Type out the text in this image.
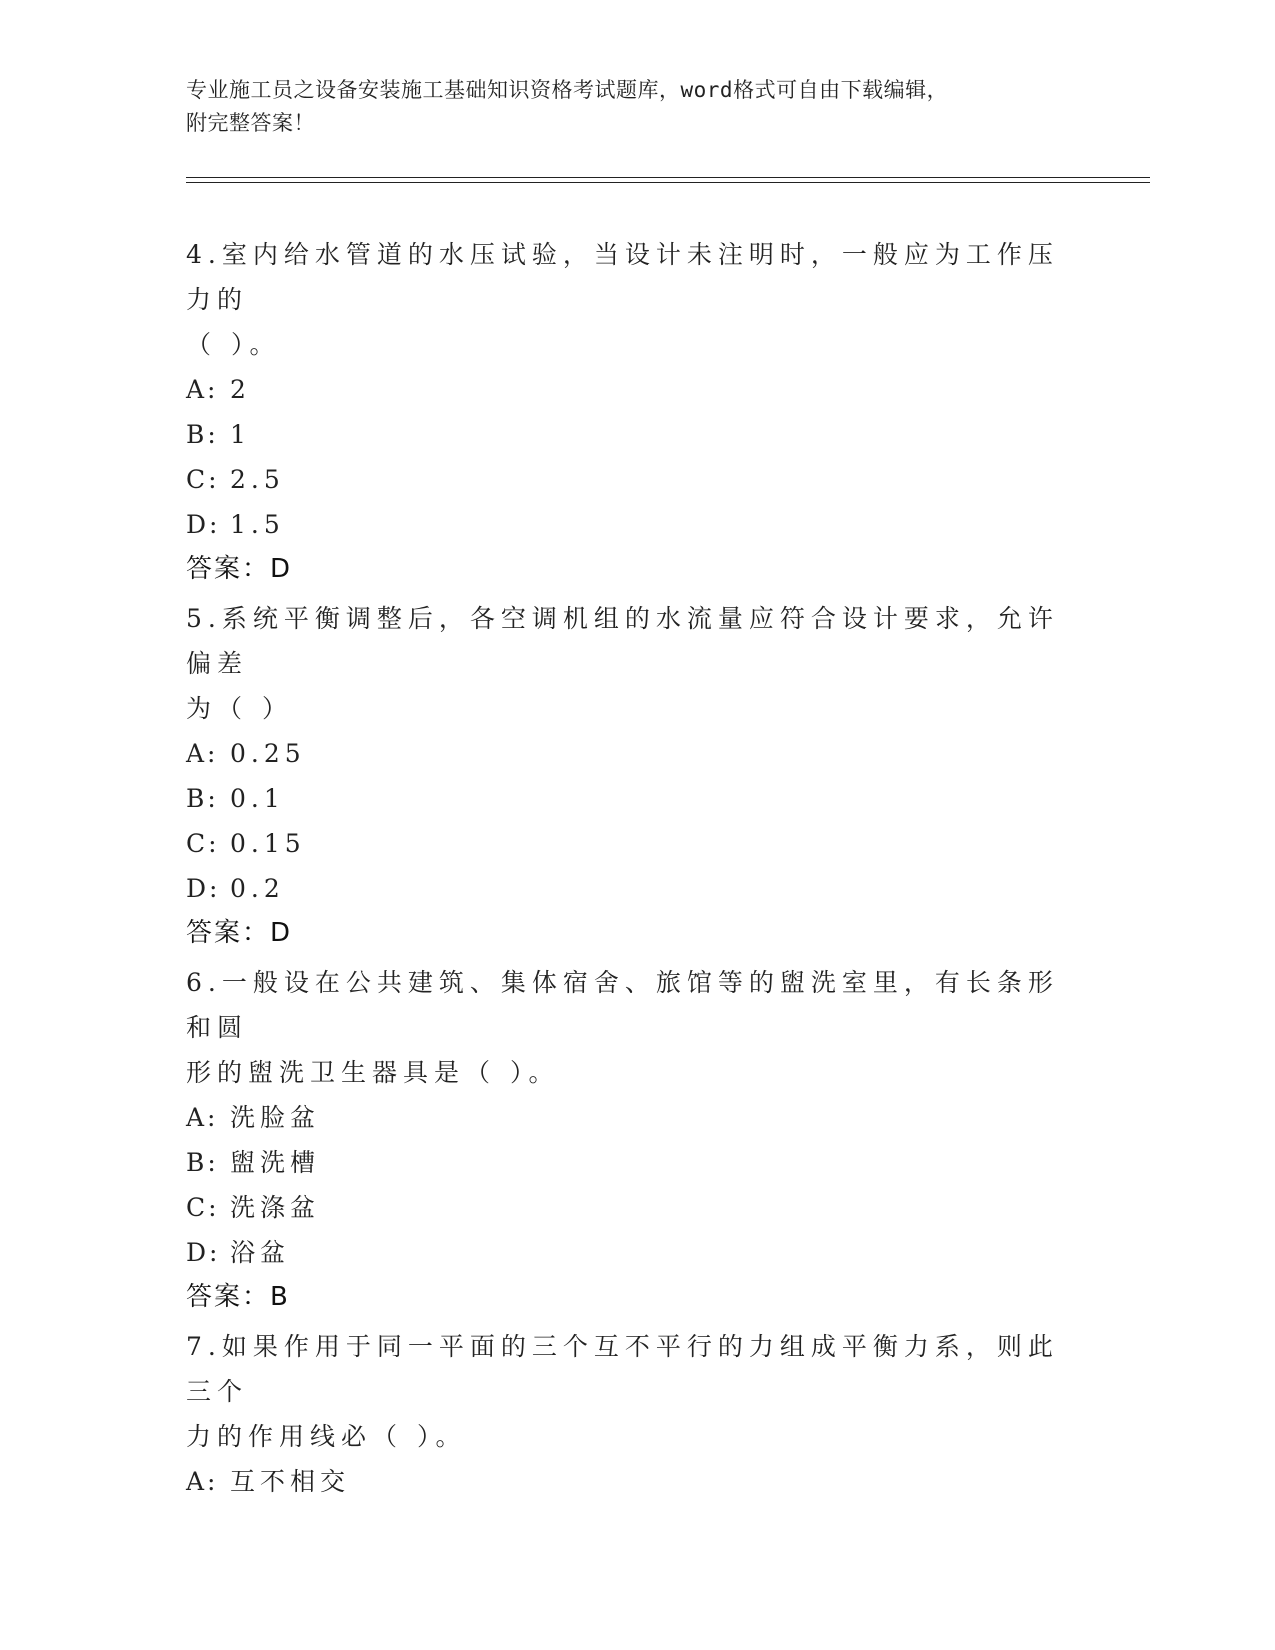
专业施工员之设备安装施工基础知识资格考试题库，word格式可自由下载编辑，
附完整答案！
4.室内给水管道的水压试验，当设计未注明时，一般应为工作压力的
（ ）。
A: 2
B: 1
C: 2.5
D: 1.5
答案： D
5.系统平衡调整后，各空调机组的水流量应符合设计要求，允许偏差
为（ ）
A: 0.25
B: 0.1
C: 0.15
D: 0.2
答案： D
6.一般设在公共建筑、集体宿舍、旅馆等的盥洗室里，有长条形和圆
形的盥洗卫生器具是（ ）。
A: 洗脸盆
B: 盥洗槽
C: 洗涤盆
D: 浴盆
答案： B
7.如果作用于同一平面的三个互不平行的力组成平衡力系，则此三个
力的作用线必（ ）。
A: 互不相交
